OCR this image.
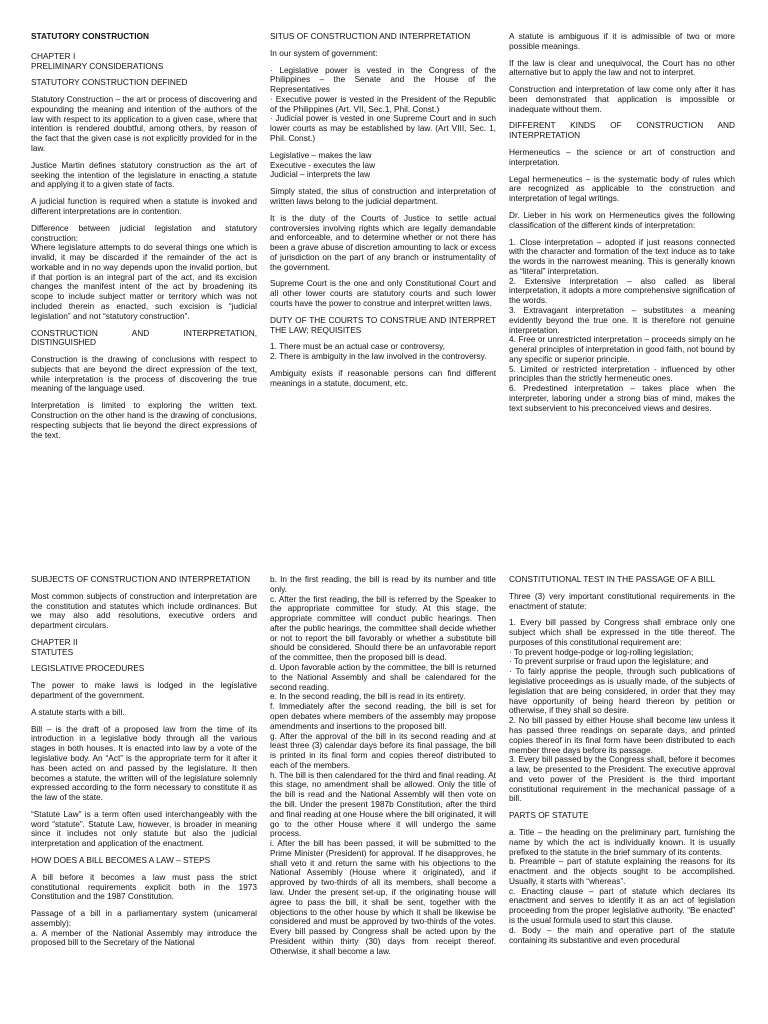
STATUTORY CONSTRUCTION

CHAPTER I
PRELIMINARY CONSIDERATIONS

STATUTORY CONSTRUCTION DEFINED

Statutory Construction – the art or process of discovering and expounding the meaning and intention of the authors of the law with respect to its application to a given case, where that intention is rendered doubtful, among others, by reason of the fact that the given case is not explicitly provided for in the law.

Justice Martin defines statutory construction as the art of seeking the intention of the legislature in enacting a statute and applying it to a given state of facts.

A judicial function is required when a statute is invoked and different interpretations are in contention.

Difference between judicial legislation and statutory construction:
Where legislature attempts to do several things one which is invalid, it may be discarded if the remainder of the act is workable and in no way depends upon the invalid portion, but if that portion is an integral part of the act, and its excision changes the manifest intent of the act by broadening its scope to include subject matter or territory which was not included therein as enacted, such excision is “judicial legislation” and not “statutory construction”.

CONSTRUCTION AND INTERPRETATION, DISTINGUISHED

Construction is the drawing of conclusions with respect to subjects that are beyond the direct expression of the text, while interpretation is the process of discovering the true meaning of the language used.

Interpretation is limited to exploring the written text. Construction on the other hand is the drawing of conclusions, respecting subjects that lie beyond the direct expressions of the text.

SITUS OF CONSTRUCTION AND INTERPRETATION

In our system of government:

· Legislative power is vested in the Congress of the Philippines – the Senate and the House of the Representatives
· Executive power is vested in the President of the Republic of the Philippines (Art. VII, Sec.1, Phil. Const.)
· Judicial power is vested in one Supreme Court and in such lower courts as may be established by law. (Art VIII, Sec. 1, Phil. Const.)

Legislative – makes the law
Executive - executes the law
Judicial – interprets the law

Simply stated, the situs of construction and interpretation of written laws belong to the judicial department.

It is the duty of the Courts of Justice to settle actual controversies involving rights which are legally demandable and enforceable, and to determine whether or not there has been a grave abuse of discretion amounting to lack or excess of jurisdiction on the part of any branch or instrumentality of the government.

Supreme Court is the one and only Constitutional Court and all other lower courts are statutory courts and such lower courts have the power to construe and interpret written laws.

DUTY OF THE COURTS TO CONSTRUE AND INTERPRET THE LAW; REQUISITES

1. There must be an actual case or controversy,
2. There is ambiguity in the law involved in the controversy.

Ambiguity exists if reasonable persons can find different meanings in a statute, document, etc.

A statute is ambiguous if it is admissible of two or more possible meanings.

If the law is clear and unequivocal, the Court has no other alternative but to apply the law and not to interpret.

Construction and interpretation of law come only after it has been demonstrated that application is impossible or inadequate without them.

DIFFERENT KINDS OF CONSTRUCTION AND INTERPRETATION

Hermeneutics – the science or art of construction and interpretation.

Legal hermeneutics – is the systematic body of rules which are recognized as applicable to the construction and interpretation of legal writings.

Dr. Lieber in his work on Hermeneutics gives the following classification of the different kinds of interpretation:

1. Close interpretation – adopted if just reasons connected with the character and formation of the text induce as to take the words in the narrowest meaning. This is generally known as “literal” interpretation.
2. Extensive interpretation – also called as liberal interpretation, it adopts a more comprehensive signification of the words.
3. Extravagant interpretation – substitutes a meaning evidently beyond the true one. It is therefore not genuine interpretation.
4. Free or unrestricted interpretation – proceeds simply on he general principles of interpretation in good faith, not bound by any specific or superior principle.
5. Limited or restricted interpretation - influenced by other principles than the strictly hermeneutic ones.
6. Predestined interpretation – takes place when the interpreter, laboring under a strong bias of mind, makes the text subservient to his preconceived views and desires.

SUBJECTS OF CONSTRUCTION AND INTERPRETATION

Most common subjects of construction and interpretation are the constitution and statutes which include ordinances. But we may also add resolutions, executive orders and department circulars.

CHAPTER II
STATUTES

LEGISLATIVE PROCEDURES

The power to make laws is lodged in the legislative department of the government.

A statute starts with a bill.

Bill – is the draft of a proposed law from the time of its introduction in a legislative body through all the various stages in both houses. It is enacted into law by a vote of the legislative body. An “Act” is the appropriate term for it after it has been acted on and passed by the legislature. It then becomes a statute, the written will of the legislature solemnly expressed according to the form necessary to constitute it as the law of the state.

“Statute Law” is a term often used interchangeably with the word “statute”. Statute Law, however, is broader in meaning since it includes not only statute but also the judicial interpretation and application of the enactment.

HOW DOES A BILL BECOMES A LAW – STEPS

A bill before it becomes a law must pass the strict constitutional requirements explicit both in the 1973 Constitution and the 1987 Constitution.

Passage of a bill in a parliamentary system (unicameral assembly):
a. A member of the National Assembly may introduce the proposed bill to the Secretary of the National

b. In the first reading, the bill is read by its number and title only.
c. After the first reading, the bill is referred by the Speaker to the appropriate committee for study. At this stage, the appropriate committee will conduct public hearings. Then after the public hearings, the committee shall decide whether or not to report the bill favorably or whether a substitute bill should be considered. Should there be an unfavorable report of the committee, then the proposed bill is dead.
d. Upon favorable action by the committee, the bill is returned to the National Assembly and shall be calendared for the second reading.
e. In the second reading, the bill is read in its entirety.
f. Immediately after the second reading, the bill is set for open debates where members of the assembly may propose amendments and insertions to the proposed bill.
g. After the approval of the bill in its second reading and at least three (3) calendar days before its final passage, the bill is printed in its final form and copies thereof distributed to each of the members.
h. The bill is then calendared for the third and final reading. At this stage, no amendment shall be allowed. Only the title of the bill is read and the National Assembly will then vote on the bill. Under the present 1987b Constitution, after the third and final reading at one House where the bill originated, it will go to the other House where it will undergo the same process.
i. After the bill has been passed, it will be submitted to the Prime Minister (President) for approval. If he disapproves, he shall veto it and return the same with his objections to the National Assembly (House where it originated), and if approved by two-thirds of all its members, shall become a law. Under the present set-up, if the originating house will agree to pass the bill, it shall be sent, together with the objections to the other house by which it shall be likewise be considered and must be approved by two-thirds of the votes. Every bill passed by Congress shall be acted upon by the President within thirty (30) days from receipt thereof. Otherwise, it shall become a law.

CONSTITUTIONAL TEST IN THE PASSAGE OF A BILL

Three (3) very important constitutional requirements in the enactment of statute:

1. Every bill passed by Congress shall embrace only one subject which shall be expressed in the title thereof. The purposes of this constitutional requirement are:
· To prevent hodge-podge or log-rolling legislation;
· To prevent surprise or fraud upon the legislature; and
· To fairly apprise the people, through such publications of legislative proceedings as is usually made, of the subjects of legislation that are being considered, in order that they may have opportunity of being heard thereon by petition or otherwise, if they shall so desire.
2. No bill passed by either House shall become law unless it has passed three readings on separate days, and printed copies thereof in its final form have been distributed to each member three days before its passage.
3. Every bill passed by the Congress shall, before it becomes a law, be presented to the President. The executive approval and veto power of the President is the third important constitutional requirement in the mechanical passage of a bill.

PARTS OF STATUTE

a. Title – the heading on the preliminary part, furnishing the name by which the act is individually known. It is usually prefixed to the statute in the brief summary of its contents.
b. Preamble – part of statute explaining the reasons for its enactment and the objects sought to be accomplished. Usually, it starts with “whereas”.
c. Enacting clause – part of statute which declares its enactment and serves to identify it as an act of legislation proceeding from the proper legislative authority. “Be enacted” is the usual formula used to start this clause.
d. Body – the main and operative part of the statute containing its substantive and even procedural
